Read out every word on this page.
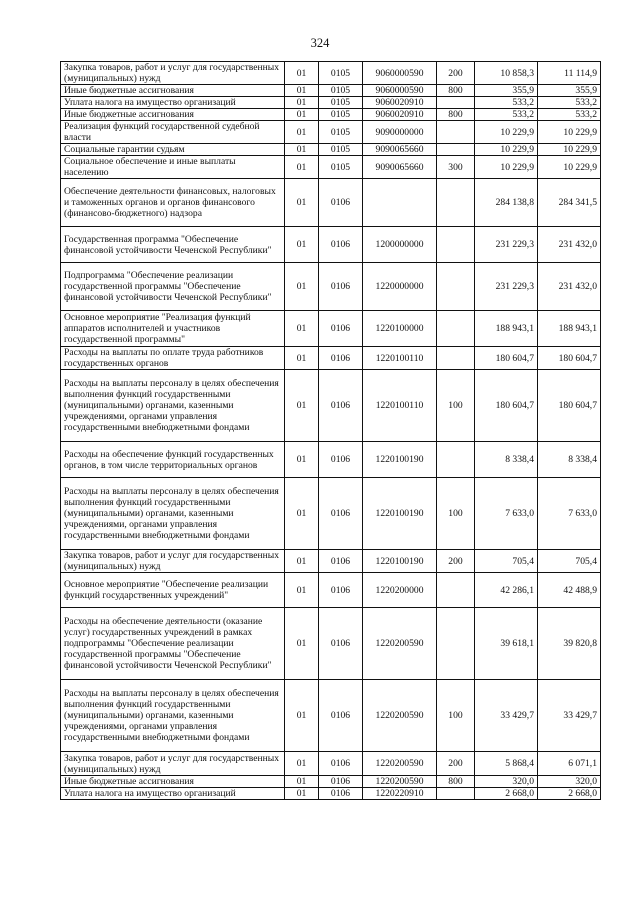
324
Закупка товаров, работ и услуг для государственных (муниципальных) нужд	01	0105	9060000590	200	10 858,3	11 114,9
Иные бюджетные ассигнования	01	0105	9060000590	800	355,9	355,9
Уплата налога на имущество организаций	01	0105	9060020910		533,2	533,2
Иные бюджетные ассигнования	01	0105	9060020910	800	533,2	533,2
Реализация функций государственной судебной власти	01	0105	9090000000		10 229,9	10 229,9
Социальные гарантии судьям	01	0105	9090065660		10 229,9	10 229,9
Социальное обеспечение и иные выплаты населению	01	0105	9090065660	300	10 229,9	10 229,9
Обеспечение деятельности финансовых, налоговых и таможенных органов и органов финансового (финансово-бюджетного) надзора	01	0106			284 138,8	284 341,5
Государственная программа "Обеспечение финансовой устойчивости Чеченской Республики"	01	0106	1200000000		231 229,3	231 432,0
Подпрограмма "Обеспечение реализации государственной программы "Обеспечение финансовой устойчивости Чеченской Республики"	01	0106	1220000000		231 229,3	231 432,0
Основное мероприятие "Реализация функций аппаратов исполнителей и участников государственной программы"	01	0106	1220100000		188 943,1	188 943,1
Расходы на выплаты по оплате труда работников государственных органов	01	0106	1220100110		180 604,7	180 604,7
Расходы на выплаты персоналу в целях обеспечения выполнения функций государственными (муниципальными) органами, казенными учреждениями, органами управления государственными внебюджетными фондами	01	0106	1220100110	100	180 604,7	180 604,7
Расходы на обеспечение функций государственных органов, в том числе территориальных органов	01	0106	1220100190		8 338,4	8 338,4
Расходы на выплаты персоналу в целях обеспечения выполнения функций государственными (муниципальными) органами, казенными учреждениями, органами управления государственными внебюджетными фондами	01	0106	1220100190	100	7 633,0	7 633,0
Закупка товаров, работ и услуг для государственных (муниципальных) нужд	01	0106	1220100190	200	705,4	705,4
Основное мероприятие "Обеспечение реализации функций государственных учреждений"	01	0106	1220200000		42 286,1	42 488,9
Расходы на обеспечение деятельности (оказание услуг) государственных учреждений в рамках подпрограммы "Обеспечение реализации государственной программы "Обеспечение финансовой устойчивости Чеченской Республики"	01	0106	1220200590		39 618,1	39 820,8
Расходы на выплаты персоналу в целях обеспечения выполнения функций государственными (муниципальными) органами, казенными учреждениями, органами управления государственными внебюджетными фондами	01	0106	1220200590	100	33 429,7	33 429,7
Закупка товаров, работ и услуг для государственных (муниципальных) нужд	01	0106	1220200590	200	5 868,4	6 071,1
Иные бюджетные ассигнования	01	0106	1220200590	800	320,0	320,0
Уплата налога на имущество организаций	01	0106	1220220910		2 668,0	2 668,0
